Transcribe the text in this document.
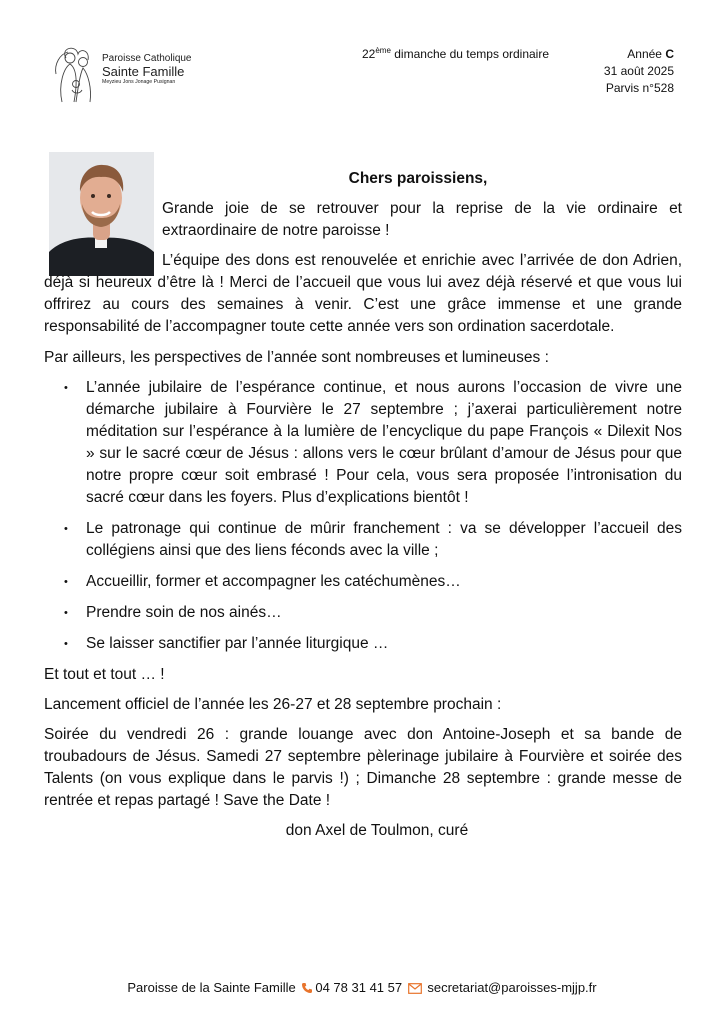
Paroisse Catholique
Sainte Famille
Meyzieu Jons Jonage Pusignan
22ème dimanche du temps ordinaire	Année C
31 août 2025
Parvis n°528

Chers paroissiens,

Grande joie de se retrouver pour la reprise de la vie ordinaire et extraordinaire de notre paroisse !

L’équipe des dons est renouvelée et enrichie avec l’arrivée de don Adrien, déjà si heureux d’être là ! Merci de l’accueil que vous lui avez déjà réservé et que vous lui offrirez au cours des semaines à venir. C’est une grâce immense et une grande responsabilité de l’accompagner toute cette année vers son ordination sacerdotale.

Par ailleurs, les perspectives de l’année sont nombreuses et lumineuses :

• L’année jubilaire de l’espérance continue, et nous aurons l’occasion de vivre une démarche jubilaire à Fourvière le 27 septembre ; j’axerai particulièrement notre méditation sur l’espérance à la lumière de l’encyclique du pape François « Dilexit Nos » sur le sacré cœur de Jésus : allons vers le cœur brûlant d’amour de Jésus pour que notre propre cœur soit embrasé ! Pour cela, vous sera proposée l’intronisation du sacré cœur dans les foyers. Plus d’explications bientôt !
• Le patronage qui continue de mûrir franchement : va se développer l’accueil des collégiens ainsi que des liens féconds avec la ville ;
• Accueillir, former et accompagner les catéchumènes…
• Prendre soin de nos ainés…
• Se laisser sanctifier par l’année liturgique …

Et tout et tout … !

Lancement officiel de l’année les 26-27 et 28 septembre prochain :

Soirée du vendredi 26 : grande louange avec don Antoine-Joseph et sa bande de troubadours de Jésus. Samedi 27 septembre pèlerinage jubilaire à Fourvière et soirée des Talents (on vous explique dans le parvis !) ; Dimanche 28 septembre : grande messe de rentrée et repas partagé ! Save the Date !

don Axel de Toulmon, curé

Paroisse de la Sainte Famille 04 78 31 41 57 secretariat@paroisses-mjjp.fr
